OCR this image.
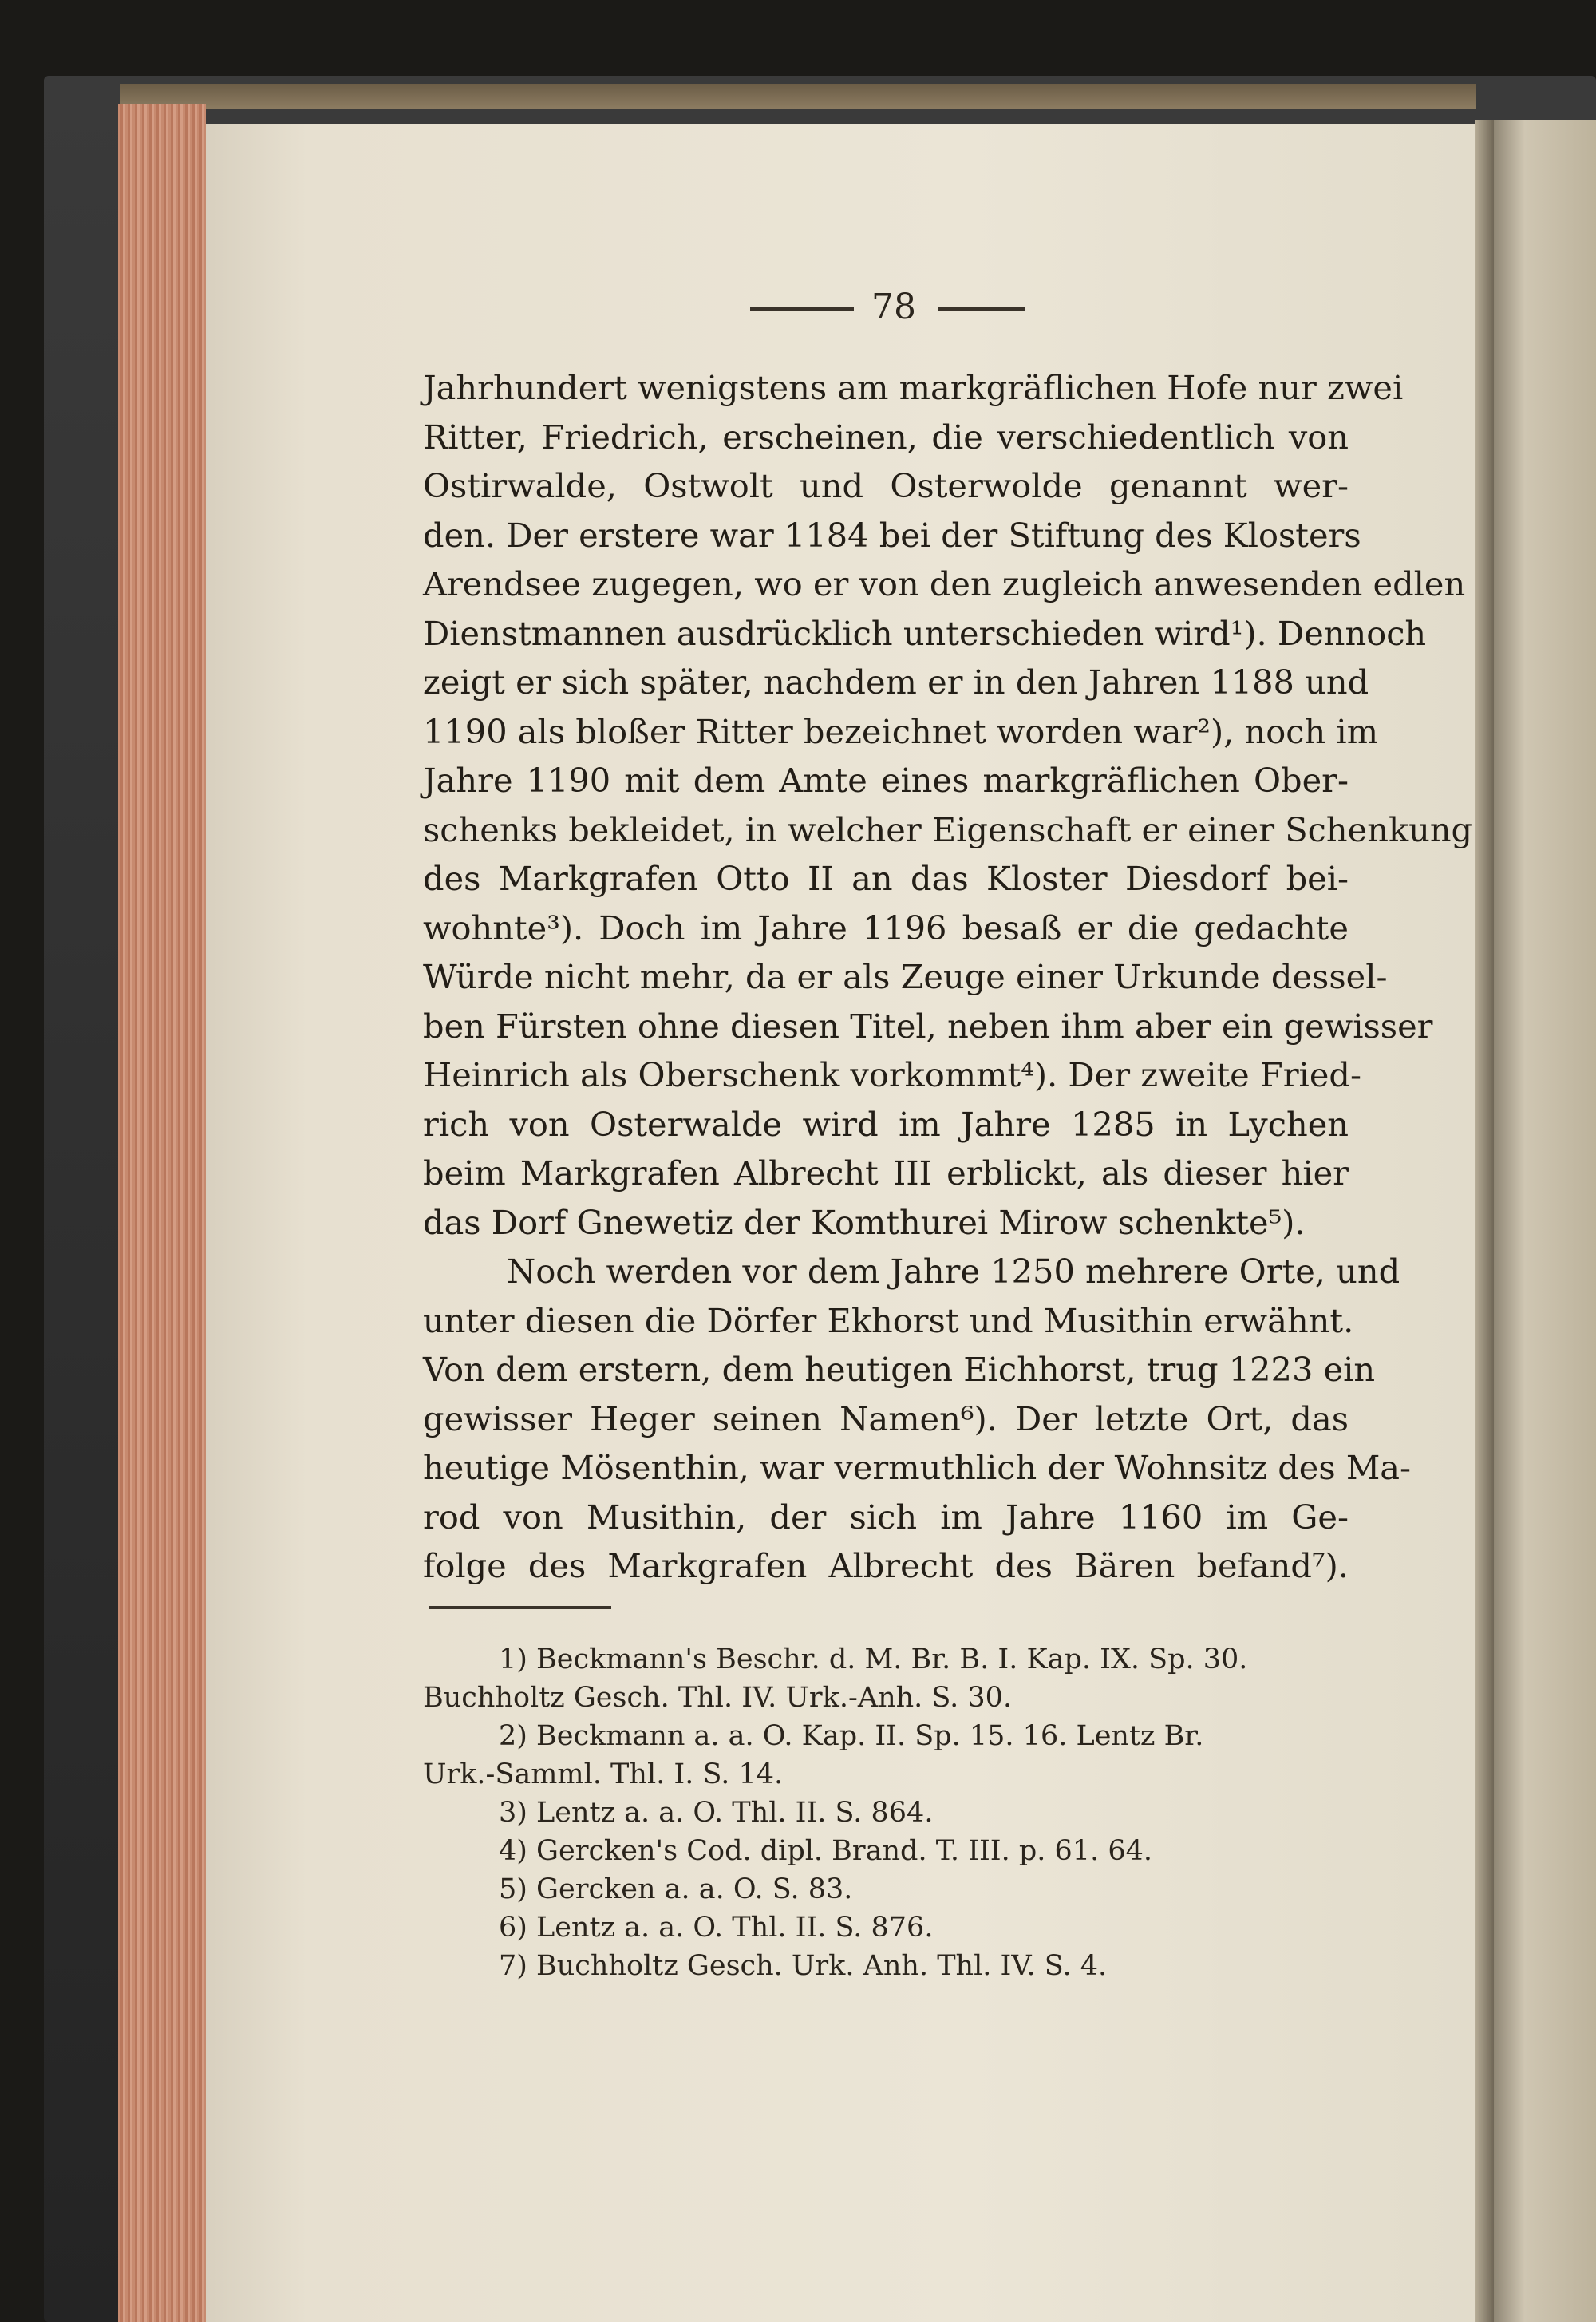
78
Jahrhundert wenigstens am markgräflichen Hofe nur zwei
Ritter, Friedrich, erscheinen, die verschiedentlich von
Ostirwalde, Ostwolt und Osterwolde genannt wer-
den. Der erstere war 1184 bei der Stiftung des Klosters
Arendsee zugegen, wo er von den zugleich anwesenden edlen
Dienstmannen ausdrücklich unterschieden wird¹). Dennoch
zeigt er sich später, nachdem er in den Jahren 1188 und
1190 als bloßer Ritter bezeichnet worden war²), noch im
Jahre 1190 mit dem Amte eines markgräflichen Ober-
schenks bekleidet, in welcher Eigenschaft er einer Schenkung
des Markgrafen Otto II an das Kloster Diesdorf bei-
wohnte³). Doch im Jahre 1196 besaß er die gedachte
Würde nicht mehr, da er als Zeuge einer Urkunde dessel-
ben Fürsten ohne diesen Titel, neben ihm aber ein gewisser
Heinrich als Oberschenk vorkommt⁴). Der zweite Fried-
rich von Osterwalde wird im Jahre 1285 in Lychen
beim Markgrafen Albrecht III erblickt, als dieser hier
das Dorf Gnewetiz der Komthurei Mirow schenkte⁵).
Noch werden vor dem Jahre 1250 mehrere Orte, und
unter diesen die Dörfer Ekhorst und Musithin erwähnt.
Von dem erstern, dem heutigen Eichhorst, trug 1223 ein
gewisser Heger seinen Namen⁶). Der letzte Ort, das
heutige Mösenthin, war vermuthlich der Wohnsitz des Ma-
rod von Musithin, der sich im Jahre 1160 im Ge-
folge des Markgrafen Albrecht des Bären befand⁷).
1) Beckmann's Beschr. d. M. Br. B. I. Kap. IX. Sp. 30.
Buchholtz Gesch. Thl. IV. Urk.-Anh. S. 30.
2) Beckmann a. a. O. Kap. II. Sp. 15. 16. Lentz Br.
Urk.-Samml. Thl. I. S. 14.
3) Lentz a. a. O. Thl. II. S. 864.
4) Gercken's Cod. dipl. Brand. T. III. p. 61. 64.
5) Gercken a. a. O. S. 83.
6) Lentz a. a. O. Thl. II. S. 876.
7) Buchholtz Gesch. Urk. Anh. Thl. IV. S. 4.
